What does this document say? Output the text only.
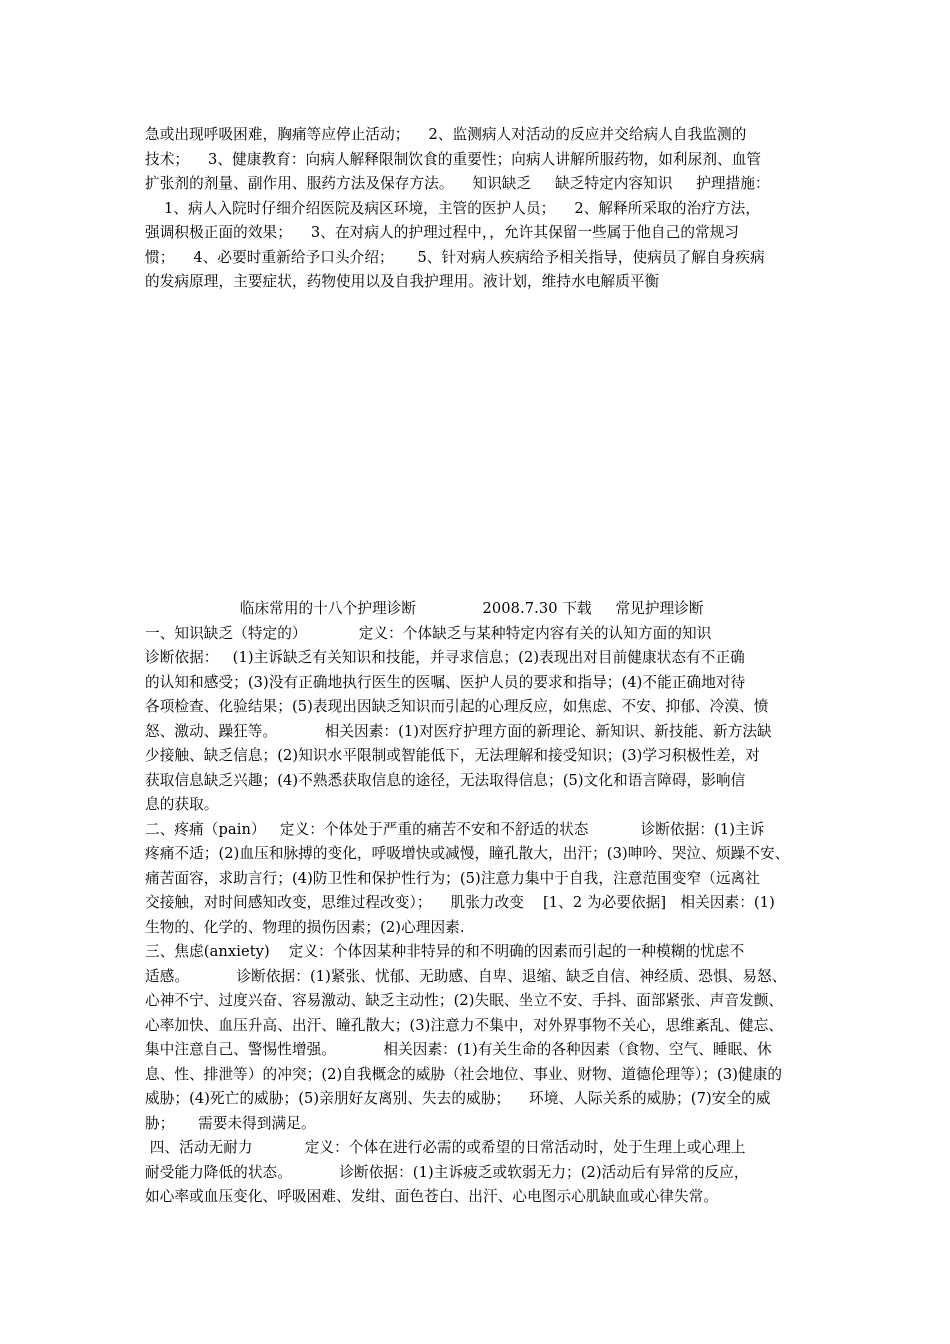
急或出现呼吸困难，胸痛等应停止活动；    2、监测病人对活动的反应并交给病人自我监测的
技术；    3、健康教育：向病人解释限制饮食的重要性；向病人讲解所服药物，如利尿剂、血管
扩张剂的剂量、副作用、服药方法及保存方法。    知识缺乏     缺乏特定内容知识     护理措施：
1、病人入院时仔细介绍医院及病区环境，主管的医护人员；    2、解释所采取的治疗方法，
强调积极正面的效果；    3、在对病人的护理过程中，，允许其保留一些属于他自己的常规习
惯；    4、必要时重新给予口头介绍；     5、针对病人疾病给予相关指导，使病员了解自身疾病
的发病原理，主要症状，药物使用以及自我护理用。液计划，维持水电解质平衡
临床常用的十八个护理诊断              2008.7.30 下载     常见护理诊断
一、知识缺乏（特定的）           定义：个体缺乏与某种特定内容有关的认知方面的知识
诊断依据：   (1)主诉缺乏有关知识和技能，并寻求信息；(2)表现出对目前健康状态有不正确
的认知和感受；(3)没有正确地执行医生的医嘱、医护人员的要求和指导；(4)不能正确地对待
各项检查、化验结果；(5)表现出因缺乏知识而引起的心理反应，如焦虑、不安、抑郁、冷漠、愤
怒、激动、躁狂等。          相关因素：(1)对医疗护理方面的新理论、新知识、新技能、新方法缺
少接触、缺乏信息；(2)知识水平限制或智能低下，无法理解和接受知识；(3)学习积极性差，对
获取信息缺乏兴趣；(4)不熟悉获取信息的途径，无法取得信息；(5)文化和语言障碍，影响信
息的获取。
二、疼痛（pain）   定义：个体处于严重的痛苦不安和不舒适的状态           诊断依据：(1)主诉
疼痛不适；(2)血压和脉搏的变化，呼吸增快或减慢，瞳孔散大，出汗；(3)呻吟、哭泣、烦躁不安、
痛苦面容，求助言行；(4)防卫性和保护性行为；(5)注意力集中于自我，注意范围变窄（远离社
交接触，对时间感知改变，思维过程改变）；    肌张力改变    [1、2 为必要依据]   相关因素：(1)
生物的、化学的、物理的损伤因素；(2)心理因素.
三、焦虑(anxiety)    定义：个体因某种非特异的和不明确的因素而引起的一种模糊的忧虑不
适感。          诊断依据：(1)紧张、忧郁、无助感、自卑、退缩、缺乏自信、神经质、恐惧、易怒、
心神不宁、过度兴奋、容易激动、缺乏主动性；(2)失眠、坐立不安、手抖、面部紧张、声音发颤、
心率加快、血压升高、出汗、瞳孔散大；(3)注意力不集中，对外界事物不关心，思维紊乱、健忘、
集中注意自己、警惕性增强。          相关因素：(1)有关生命的各种因素（食物、空气、睡眠、休
息、性、排泄等）的冲突；(2)自我概念的威胁（社会地位、事业、财物、道德伦理等）；(3)健康的
威胁；(4)死亡的威胁；(5)亲朋好友离别、失去的威胁；    环境、人际关系的威胁；(7)安全的威
胁；     需要未得到满足。
四、活动无耐力           定义：个体在进行必需的或希望的日常活动时，处于生理上或心理上
耐受能力降低的状态。          诊断依据：(1)主诉疲乏或软弱无力；(2)活动后有异常的反应，
如心率或血压变化、呼吸困难、发绀、面色苍白、出汗、心电图示心肌缺血或心律失常。
